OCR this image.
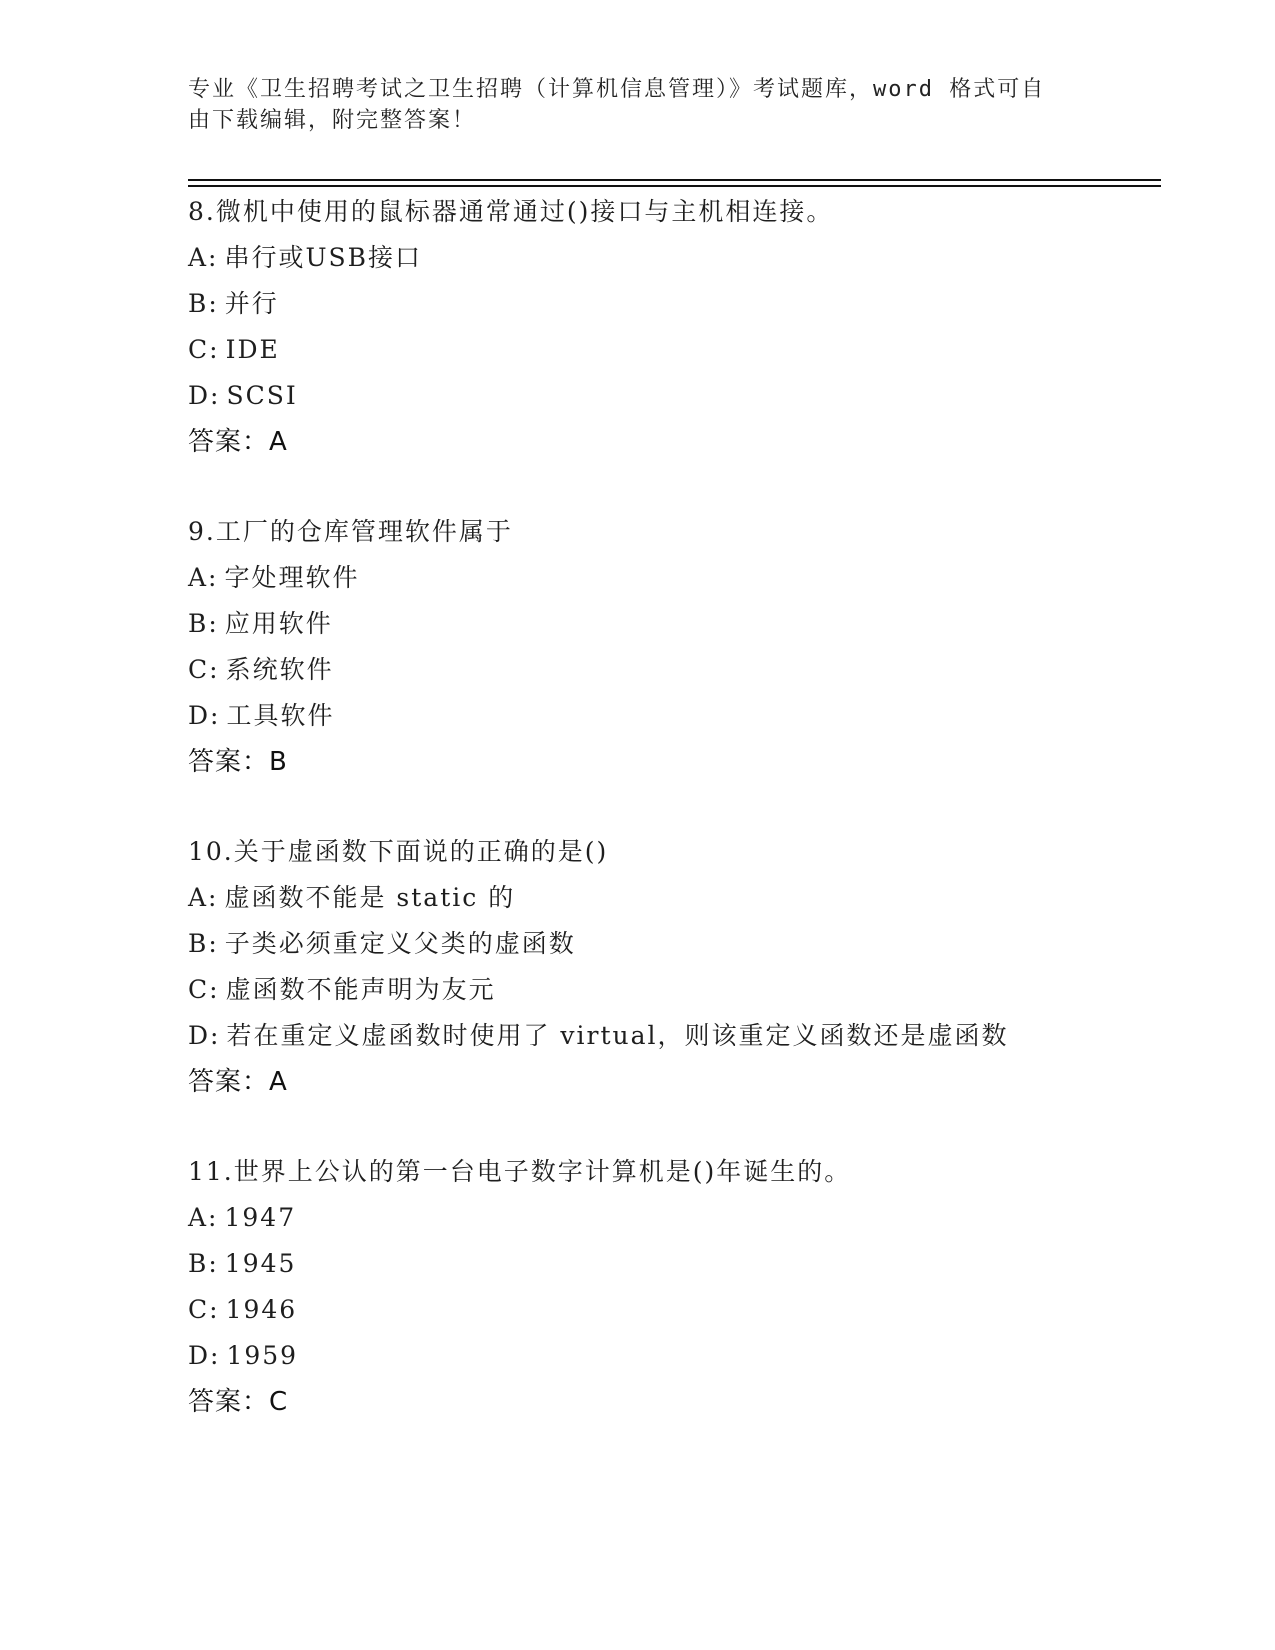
专业《卫生招聘考试之卫生招聘（计算机信息管理）》考试题库，word 格式可自
由下载编辑，附完整答案！

8.微机中使用的鼠标器通常通过()接口与主机相连接。
A: 串行或USB接口
B: 并行
C: IDE
D: SCSI
答案：A
9.工厂的仓库管理软件属于
A: 字处理软件
B: 应用软件
C: 系统软件
D: 工具软件
答案：B
10.关于虚函数下面说的正确的是()
A: 虚函数不能是 static 的
B: 子类必须重定义父类的虚函数
C: 虚函数不能声明为友元
D: 若在重定义虚函数时使用了 virtual，则该重定义函数还是虚函数
答案：A
11.世界上公认的第一台电子数字计算机是()年诞生的。
A: 1947
B: 1945
C: 1946
D: 1959
答案：C
